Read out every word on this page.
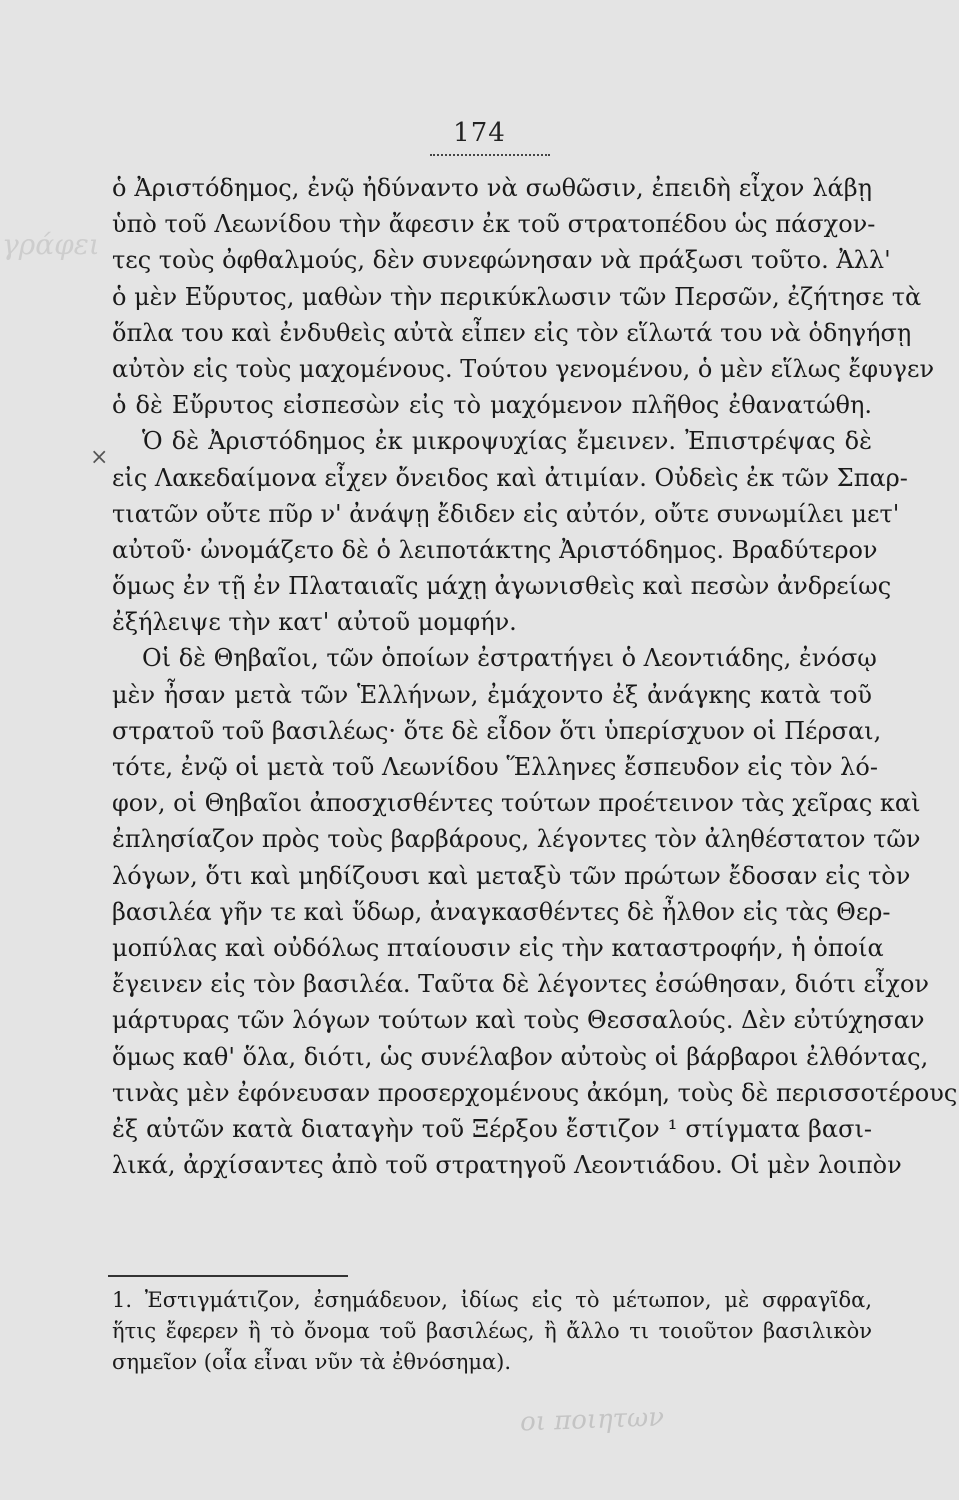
γράφει
174
×
ὁ Ἀριστόδημος, ἐνῷ ἠδύναντο νὰ σωθῶσιν, ἐπειδὴ εἶχον λάβῃ
ὑπὸ τοῦ Λεωνίδου τὴν ἄφεσιν ἐκ τοῦ στρατοπέδου ὡς πάσχον-
τες τοὺς ὀφθαλμούς, δὲν συνεφώνησαν νὰ πράξωσι τοῦτο. Ἀλλ'
ὁ μὲν Εὔρυτος, μαθὼν τὴν περικύκλωσιν τῶν Περσῶν, ἐζήτησε τὰ
ὅπλα του καὶ ἐνδυθεὶς αὐτὰ εἶπεν εἰς τὸν εἵλωτά του νὰ ὁδηγήσῃ
αὐτὸν εἰς τοὺς μαχομένους. Τούτου γενομένου, ὁ μὲν εἵλως ἔφυγεν
ὁ δὲ Εὔρυτος εἰσπεσὼν εἰς τὸ μαχόμενον πλῆθος ἐθανατώθη.
Ὁ δὲ Ἀριστόδημος ἐκ μικροψυχίας ἔμεινεν. Ἐπιστρέψας δὲ
εἰς Λακεδαίμονα εἶχεν ὄνειδος καὶ ἀτιμίαν. Οὐδεὶς ἐκ τῶν Σπαρ-
τιατῶν οὔτε πῦρ ν' ἀνάψῃ ἔδιδεν εἰς αὐτόν, οὔτε συνωμίλει μετ'
αὐτοῦ· ὠνομάζετο δὲ ὁ λειποτάκτης Ἀριστόδημος. Βραδύτερον
ὅμως ἐν τῇ ἐν Πλαταιαῖς μάχῃ ἀγωνισθεὶς καὶ πεσὼν ἀνδρείως
ἐξήλειψε τὴν κατ' αὐτοῦ μομφήν.
Οἱ δὲ Θηβαῖοι, τῶν ὁποίων ἐστρατήγει ὁ Λεοντιάδης, ἐνόσῳ
μὲν ἦσαν μετὰ τῶν Ἑλλήνων, ἐμάχοντο ἐξ ἀνάγκης κατὰ τοῦ
στρατοῦ τοῦ βασιλέως· ὅτε δὲ εἶδον ὅτι ὑπερίσχυον οἱ Πέρσαι,
τότε, ἐνῷ οἱ μετὰ τοῦ Λεωνίδου Ἕλληνες ἔσπευδον εἰς τὸν λό-
φον, οἱ Θηβαῖοι ἀποσχισθέντες τούτων προέτεινον τὰς χεῖρας καὶ
ἐπλησίαζον πρὸς τοὺς βαρβάρους, λέγοντες τὸν ἀληθέστατον τῶν
λόγων, ὅτι καὶ μηδίζουσι καὶ μεταξὺ τῶν πρώτων ἔδοσαν εἰς τὸν
βασιλέα γῆν τε καὶ ὕδωρ, ἀναγκασθέντες δὲ ἦλθον εἰς τὰς Θερ-
μοπύλας καὶ οὐδόλως πταίουσιν εἰς τὴν καταστροφήν, ἡ ὁποία
ἔγεινεν εἰς τὸν βασιλέα. Ταῦτα δὲ λέγοντες ἐσώθησαν, διότι εἶχον
μάρτυρας τῶν λόγων τούτων καὶ τοὺς Θεσσαλούς. Δὲν εὐτύχησαν
ὅμως καθ' ὅλα, διότι, ὡς συνέλαβον αὐτοὺς οἱ βάρβαροι ἐλθόντας,
τινὰς μὲν ἐφόνευσαν προσερχομένους ἀκόμη, τοὺς δὲ περισσοτέρους
ἐξ αὐτῶν κατὰ διαταγὴν τοῦ Ξέρξου ἔστιζον ¹ στίγματα βασι-
λικά, ἀρχίσαντες ἀπὸ τοῦ στρατηγοῦ Λεοντιάδου. Οἱ μὲν λοιπὸν
1. Ἐστιγμάτιζον, ἐσημάδευον, ἰδίως εἰς τὸ μέτωπον, μὲ σφραγῖδα,
ἥτις ἔφερεν ἢ τὸ ὄνομα τοῦ βασιλέως, ἢ ἄλλο τι τοιοῦτον βασιλικὸν
σημεῖον (οἷα εἶναι νῦν τὰ ἐθνόσημα).
οι ποιητων
